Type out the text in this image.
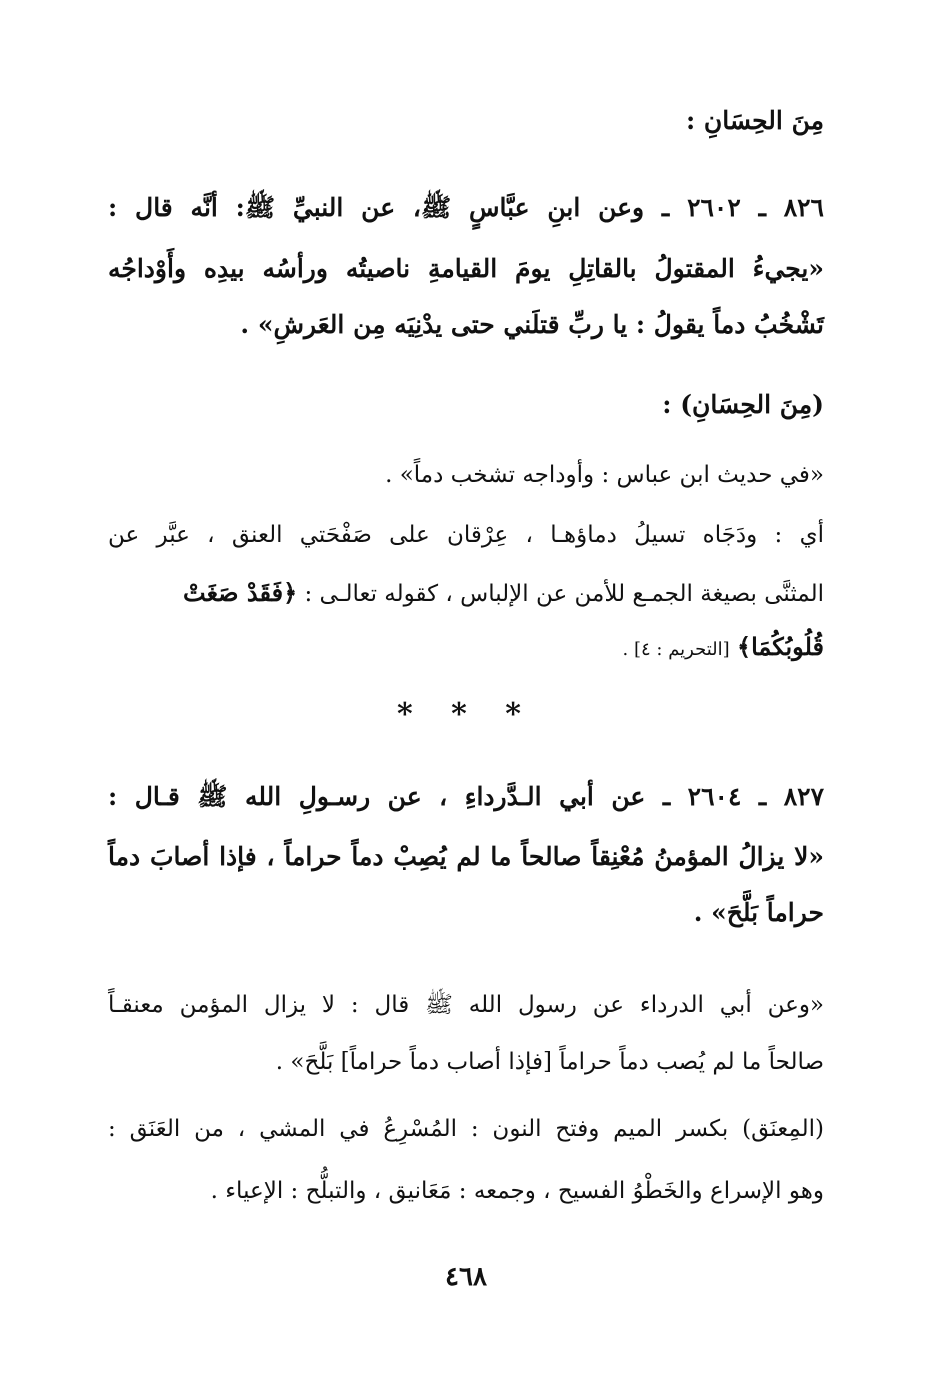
مِنَ الحِسَانِ :
٨٢٦ ـ ٢٦٠٢ ـ وعن ابنِ عبَّاسٍ ﷺ، عن النبيِّ ﷺ: أنَّه قال :
«يجيءُ المقتولُ بالقاتِلِ يومَ القيامةِ ناصيتُه ورأسُه بيدِه وأَوْداجُه
تَشْخُبُ دماً يقولُ : يا ربِّ قتلَني حتى يدْنِيَه مِن العَرشِ» .
(مِنَ الحِسَانِ) :
«في حديث ابن عباس : وأوداجه تشخب دماً» .
أي : ودَجَاه تسيلُ دماؤهـا ، عِرْقان على صَفْحَتي العنق ، عبَّر عن
المثنَّى بصيغة الجمـع للأمن عن الإلباس ، كقوله تعالـى : ﴿فَقَدْ صَغَتْ
قُلُوبُكُمَا﴾ [التحريم : ٤] .
* * *
٨٢٧ ـ ٢٦٠٤ ـ عن أبي الـدَّرداءِ ، عن رسـولِ الله ﷺ قـال :
«لا يزالُ المؤمنُ مُعْنِقاً صالحاً ما لم يُصِبْ دماً حراماً ، فإذا أصابَ دماً
حراماً بَلَّحَ» .
«وعن أبي الدرداء عن رسول الله ﷺ قال : لا يزال المؤمن معنقـاً
صالحاً ما لم يُصب دماً حراماً [فإذا أصاب دماً حراماً] بَلَّحَ» .
(المِعنَق) بكسر الميم وفتح النون : المُسْرِعُ في المشي ، من العَنَق :
وهو الإسراع والخَطْوُ الفسيح ، وجمعه : مَعَانيق ، والتبلُّح : الإعياء .
٤٦٨
